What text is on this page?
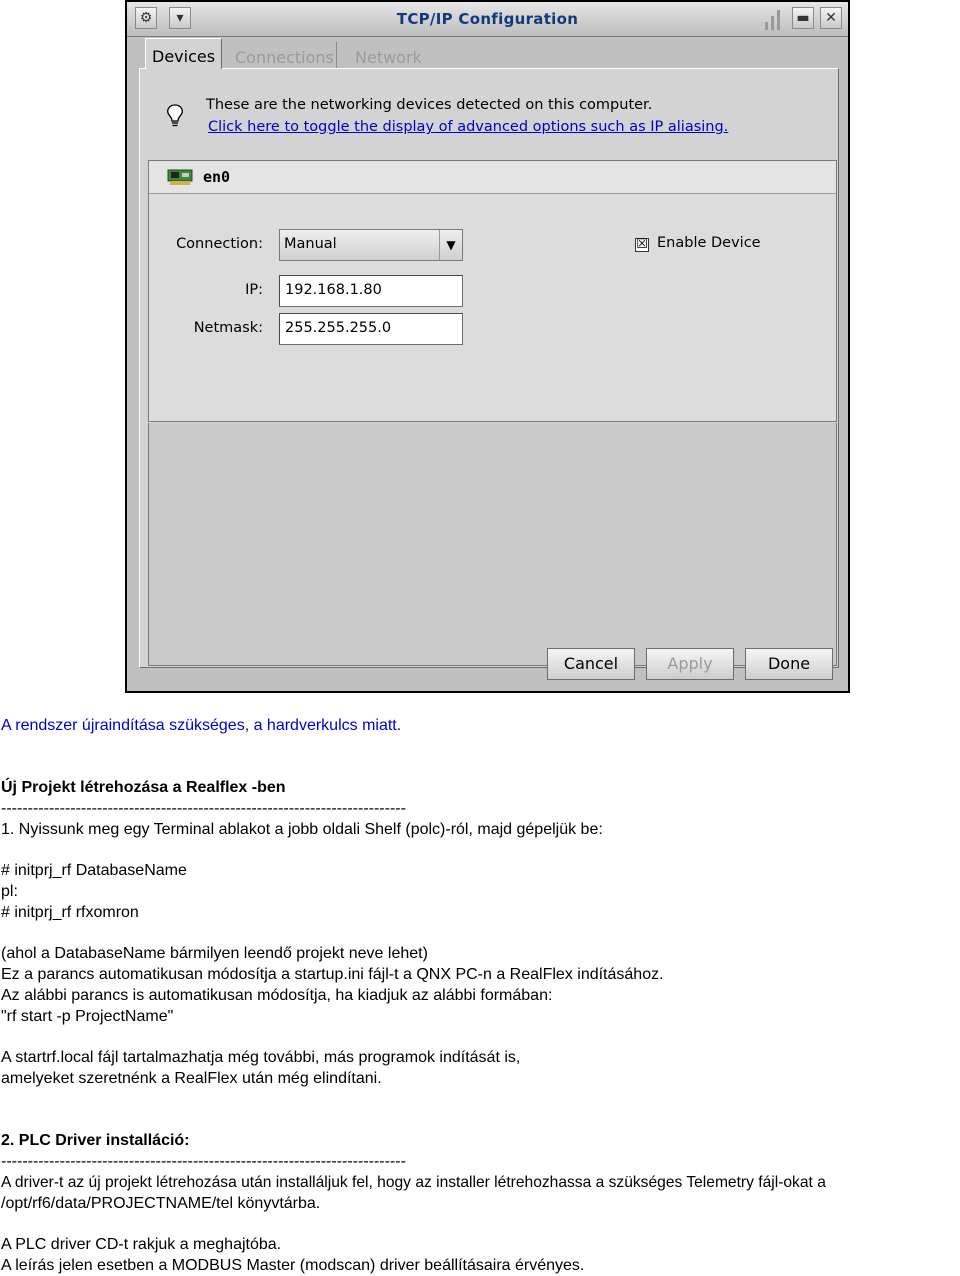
⚙	▾	TCP/IP Configuration	▬	✕
Devices	Connections Network
These are the networking devices detected on this computer.
Click here to toggle the display of advanced options such as IP aliasing.
en0
Connection:	Manual	▼	☒ Enable Device
IP:	192.168.1.80
Netmask:	255.255.255.0
Cancel	Apply	Done
A rendszer újraindítása szükséges, a hardverkulcs miatt.
Új Projekt létrehozása a Realflex -ben
----------------------------------------------------------------------------
1. Nyissunk meg egy Terminal ablakot a jobb oldali Shelf (polc)-ról, majd gépeljük be:
# initprj_rf DatabaseName
pl:
# initprj_rf rfxomron
(ahol a DatabaseName bármilyen leendő projekt neve lehet)
Ez a parancs automatikusan módosítja a startup.ini fájl-t a QNX PC-n a RealFlex indításához.
Az alábbi parancs is automatikusan módosítja, ha kiadjuk az alábbi formában:
"rf start -p ProjectName"
A startrf.local fájl tartalmazhatja még további, más programok indítását is,
amelyeket szeretnénk a RealFlex után még elindítani.
2. PLC Driver installáció:
----------------------------------------------------------------------------
A driver-t az új projekt létrehozása után installáljuk fel, hogy az installer létrehozhassa a szükséges Telemetry fájl-okat a
/opt/rf6/data/PROJECTNAME/tel könyvtárba.
A PLC driver CD-t rakjuk a meghajtóba.
A leírás jelen esetben a MODBUS Master (modscan) driver beállításaira érvényes.
